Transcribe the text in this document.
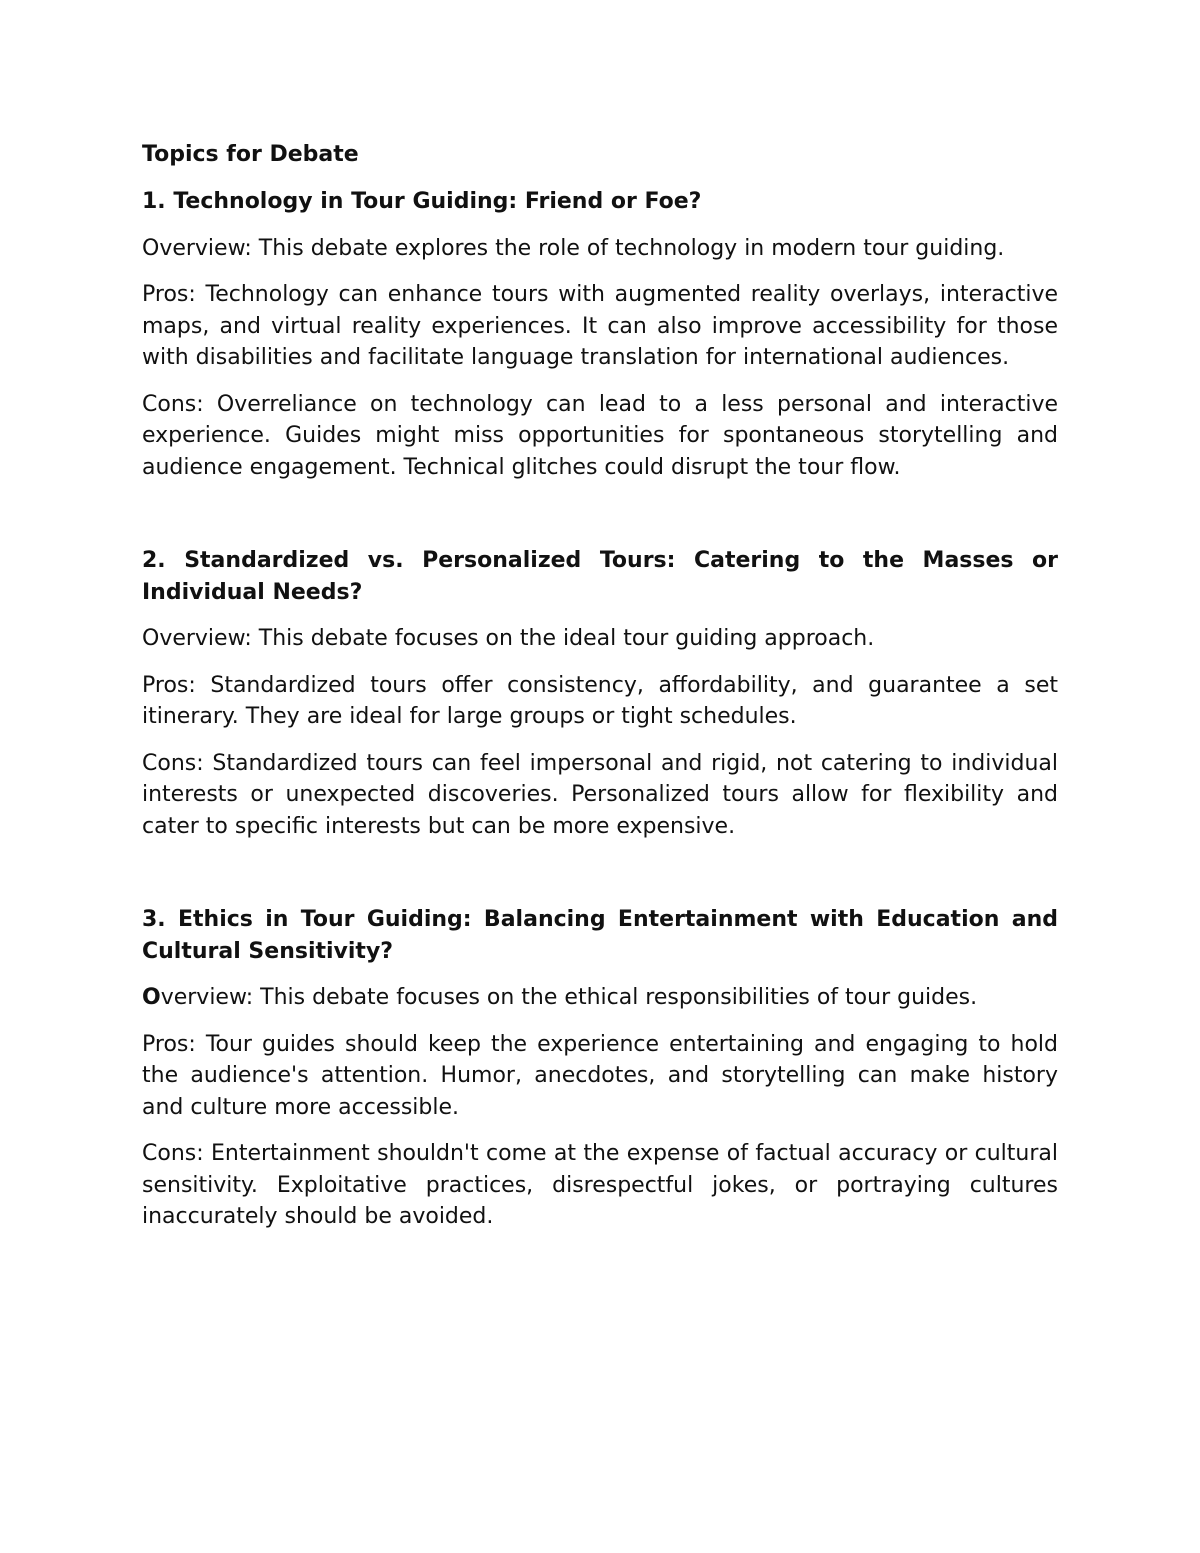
Topics for Debate
1. Technology in Tour Guiding: Friend or Foe?

Overview: This debate explores the role of technology in modern tour guiding.

Pros: Technology can enhance tours with augmented reality overlays, interactive maps, and virtual reality experiences. It can also improve accessibility for those with disabilities and facilitate language translation for international audiences.

Cons: Overreliance on technology can lead to a less personal and interactive experience. Guides might miss opportunities for spontaneous storytelling and audience engagement. Technical glitches could disrupt the tour flow.

2. Standardized vs. Personalized Tours: Catering to the Masses or Individual Needs?

Overview: This debate focuses on the ideal tour guiding approach.

Pros: Standardized tours offer consistency, affordability, and guarantee a set itinerary. They are ideal for large groups or tight schedules.

Cons: Standardized tours can feel impersonal and rigid, not catering to individual interests or unexpected discoveries. Personalized tours allow for flexibility and cater to specific interests but can be more expensive.

3. Ethics in Tour Guiding: Balancing Entertainment with Education and Cultural Sensitivity?

Overview: This debate focuses on the ethical responsibilities of tour guides.

Pros: Tour guides should keep the experience entertaining and engaging to hold the audience's attention. Humor, anecdotes, and storytelling can make history and culture more accessible.

Cons: Entertainment shouldn't come at the expense of factual accuracy or cultural sensitivity. Exploitative practices, disrespectful jokes, or portraying cultures inaccurately should be avoided.
